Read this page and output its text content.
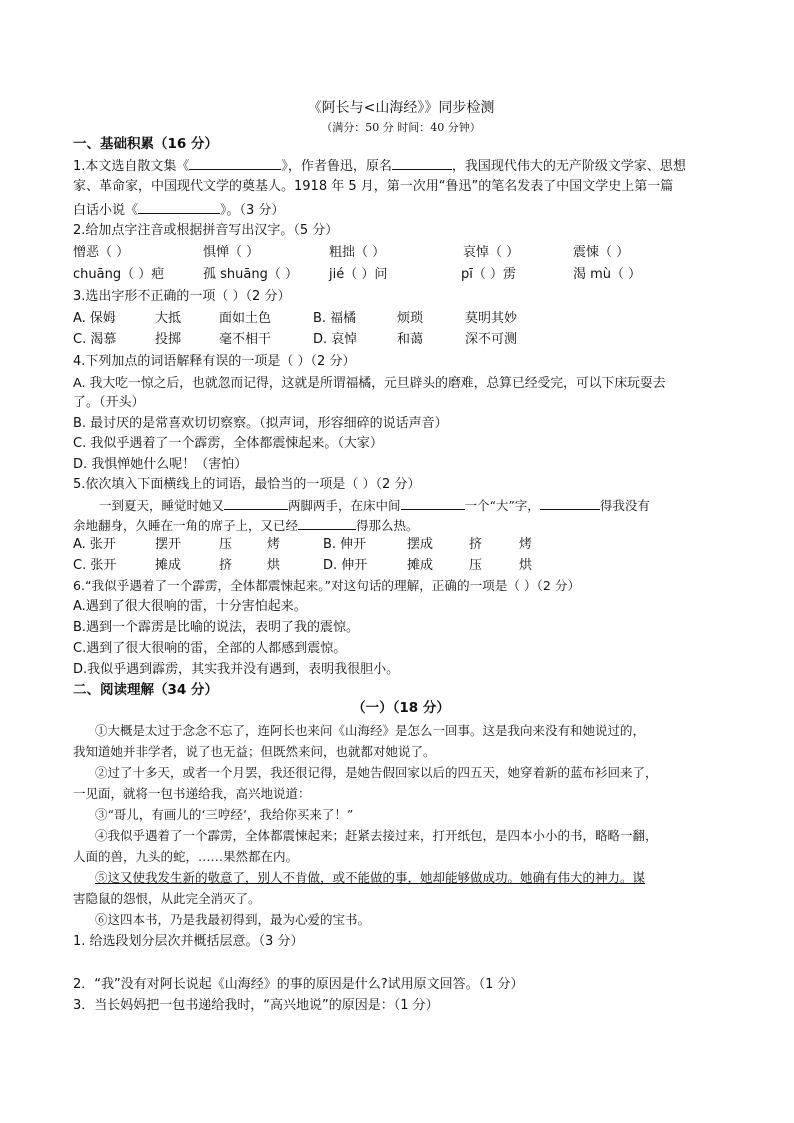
《阿长与<山海经》》同步检测
（满分：50 分 时间：40 分钟）
一、基础积累（16 分）
1.本文选自散文集《	》，作者鲁迅，原名	，我国现代伟大的无产阶级文学家、思想
家、革命家，中国现代文学的奠基人。1918 年 5 月，第一次用“鲁迅”的笔名发表了中国文学史上第一篇
白话小说《	》。（3 分）
2.给加点字注音或根据拼音写出汉字。（5 分）
憎恶（ ）	惧惮（ ）	粗拙（ ）	哀悼（ ）	震悚（ ）
chuāng（ ）疤	孤 shuāng（ ） jié（ ）问	pī（ ）雳	渴 mù（ ）
3.选出字形不正确的一项（ ）（2 分）
A. 保姆	大抵	面如土色	B. 福橘	烦琐	莫明其妙
C. 渴慕	投掷	毫不相干	D. 哀悼	和蔼	深不可测
4.下列加点的词语解释有误的一项是（ ）（2 分）
A. 我大吃一惊之后，也就忽而记得，这就是所谓福橘，元旦辟头的磨难，总算已经受完，可以下床玩耍去
了。（开头）
B. 最讨厌的是常喜欢切切察察。（拟声词，形容细碎的说话声音）
C. 我似乎遇着了一个霹雳，全体都震悚起来。（大家）
D. 我惧惮她什么呢！（害怕）
5.依次填入下面横线上的词语，最恰当的一项是（ ）（2 分）
一到夏天，睡觉时她又	两脚两手，在床中间	一个“大”字，	得我没有
余地翻身，久睡在一角的席子上，又已经	得那么热。
A. 张开	摆开	压	烤	B. 伸开	摆成	挤	烤
C. 张开	摊成	挤	烘	D. 伸开	摊成	压	烘
6.“我似乎遇着了一个霹雳，全体都震悚起来。”对这句话的理解，正确的一项是（ ）（2 分）
A.遇到了很大很响的雷，十分害怕起来。
B.遇到一个霹雳是比喻的说法，表明了我的震惊。
C.遇到了很大很响的雷，全部的人都感到震惊。
D.我似乎遇到霹雳，其实我并没有遇到，表明我很胆小。
二、阅读理解（34 分）
（一）（18 分）
①大概是太过于念念不忘了，连阿长也来问《山海经》是怎么一回事。这是我向来没有和她说过的，
我知道她并非学者，说了也无益；但既然来问，也就都对她说了。
②过了十多天，或者一个月罢，我还很记得，是她告假回家以后的四五天，她穿着新的蓝布衫回来了，
一见面，就将一包书递给我，高兴地说道：
③“哥儿，有画儿的‘三哼经’，我给你买来了！”
④我似乎遇着了一个霹雳，全体都震悚起来；赶紧去接过来，打开纸包，是四本小小的书，略略一翻，
人面的兽，九头的蛇，……果然都在内。
⑤这又使我发生新的敬意了，别人不肯做，或不能做的事，她却能够做成功。她确有伟大的神力。谋
害隐鼠的怨恨，从此完全消灭了。
⑥这四本书，乃是我最初得到，最为心爱的宝书。
1. 给选段划分层次并概括层意。（3 分）
2．“我”没有对阿长说起《山海经》的事的原因是什么?试用原文回答。（1 分）
3．当长妈妈把一包书递给我时，“高兴地说”的原因是：（1 分）
